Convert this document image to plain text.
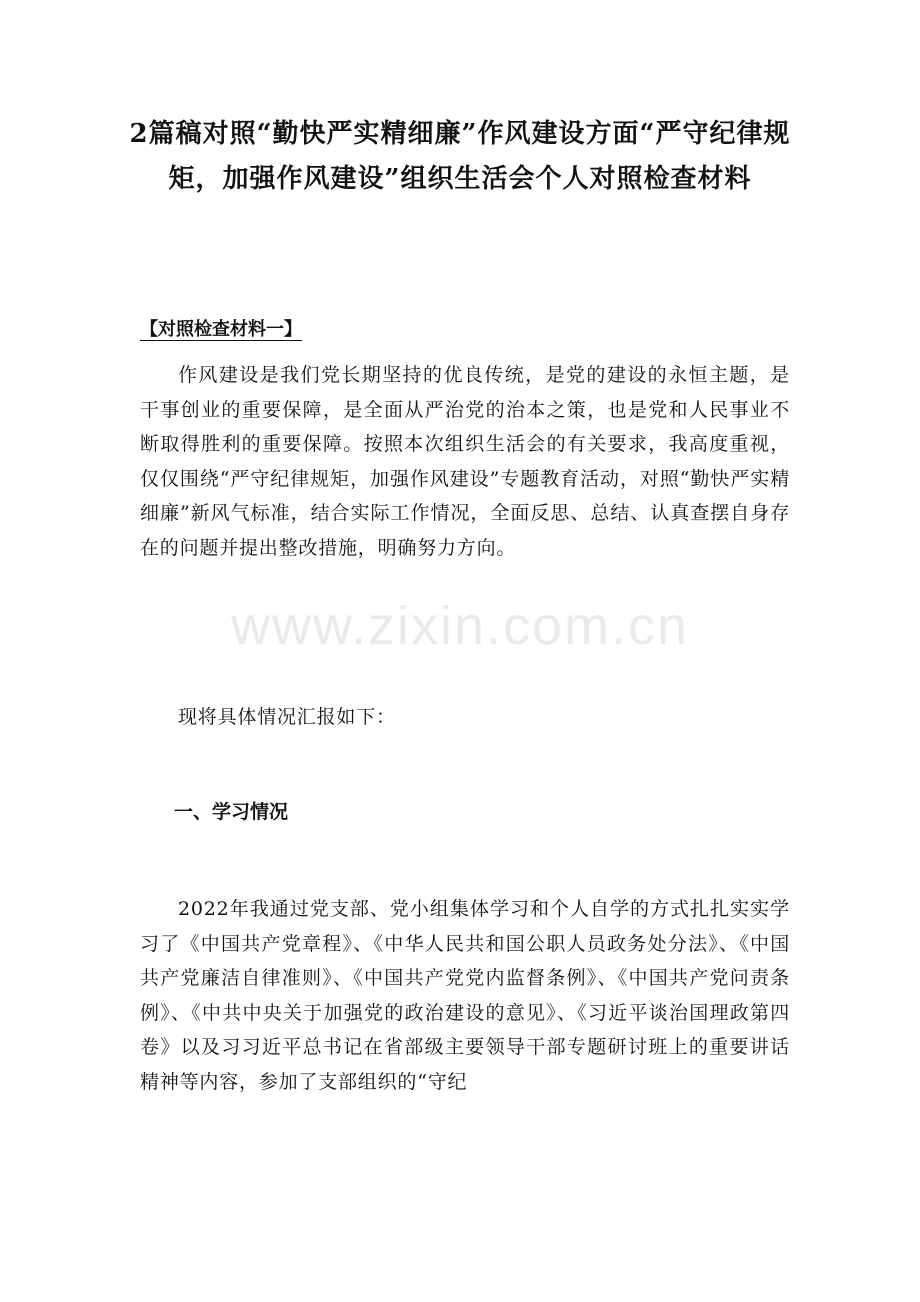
2篇稿对照“勤快严实精细廉”作风建设方面“严守纪律规矩，加强作风建设”组织生活会个人对照检查材料

【对照检查材料一】

作风建设是我们党长期坚持的优良传统，是党的建设的永恒主题，是干事创业的重要保障，是全面从严治党的治本之策，也是党和人民事业不断取得胜利的重要保障。按照本次组织生活会的有关要求，我高度重视，仅仅围绕“严守纪律规矩，加强作风建设”专题教育活动，对照“勤快严实精细廉”新风气标准，结合实际工作情况，全面反思、总结、认真查摆自身存在的问题并提出整改措施，明确努力方向。

现将具体情况汇报如下：

一、学习情况

2022年我通过党支部、党小组集体学习和个人自学的方式扎扎实实学习了《中国共产党章程》、《中华人民共和国公职人员政务处分法》、《中国共产党廉洁自律准则》、《中国共产党党内监督条例》、《中国共产党问责条例》、《中共中央关于加强党的政治建设的意见》、《习近平谈治国理政第四卷》以及习习近平总书记在省部级主要领导干部专题研讨班上的重要讲话精神等内容，参加了支部组织的“守纪

www.zixin.com.cn
